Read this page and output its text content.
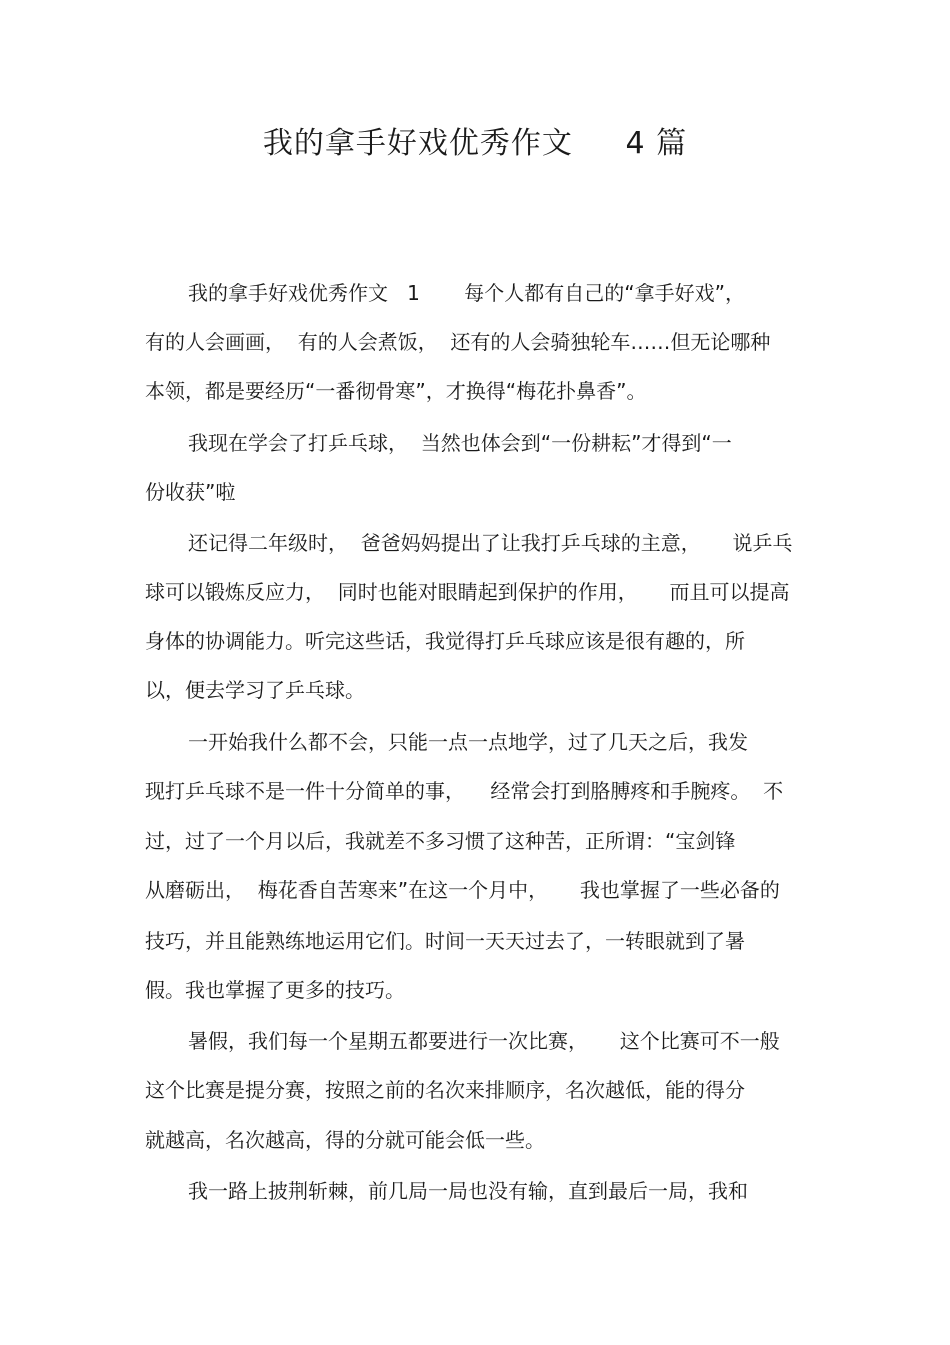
我的拿手好戏优秀作文     4 篇
我的拿手好戏优秀作文   1       每个人都有自己的“拿手好戏”，
有的人会画画，  有的人会煮饭，  还有的人会骑独轮车……但无论哪种
本领，都是要经历“一番彻骨寒”，才换得“梅花扑鼻香”。
我现在学会了打乒乓球，  当然也体会到“一份耕耘”才得到“一
份收获”啦
还记得二年级时，  爸爸妈妈提出了让我打乒乓球的主意，     说乒乓
球可以锻炼反应力，  同时也能对眼睛起到保护的作用，     而且可以提高
身体的协调能力。听完这些话，我觉得打乒乓球应该是很有趣的，所
以，便去学习了乒乓球。
一开始我什么都不会，只能一点一点地学，过了几天之后，我发
现打乒乓球不是一件十分简单的事，    经常会打到胳膊疼和手腕疼。  不
过，过了一个月以后，我就差不多习惯了这种苦，正所谓：“宝剑锋
从磨砺出，  梅花香自苦寒来”在这一个月中，     我也掌握了一些必备的
技巧，并且能熟练地运用它们。时间一天天过去了，一转眼就到了暑
假。我也掌握了更多的技巧。
暑假，我们每一个星期五都要进行一次比赛，     这个比赛可不一般
这个比赛是提分赛，按照之前的名次来排顺序，名次越低，能的得分
就越高，名次越高，得的分就可能会低一些。
我一路上披荆斩棘，前几局一局也没有输，直到最后一局，我和
